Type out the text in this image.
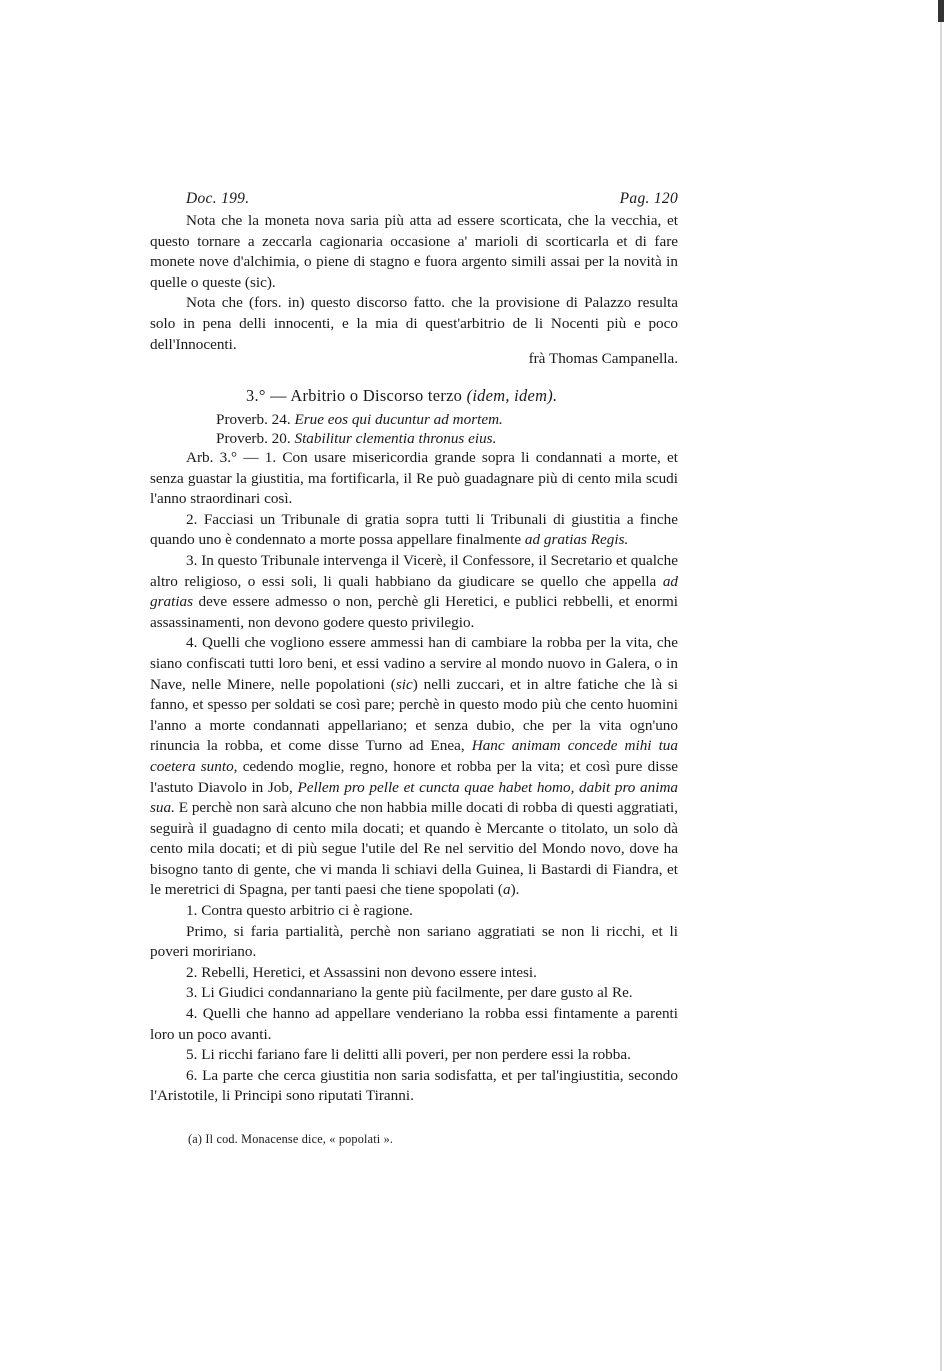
Doc. 199.	Pag. 120

Nota che la moneta nova saria più atta ad essere scorticata, che la vecchia, et questo tornare a zeccarla cagionaria occasione a' marioli di scorticarla et di fare monete nove d'alchimia, o piene di stagno e fuora argento simili assai per la novità in quelle o queste (sic).

Nota che (fors. in) questo discorso fatto. che la provisione di Palazzo resulta solo in pena delli innocenti, e la mia di quest'arbitrio de li Nocenti più e poco dell'Innocenti.

frà Thomas Campanella.
3.° — Arbitrio o Discorso terzo (idem, idem).
Proverb. 24. Erue eos qui ducuntur ad mortem.
Proverb. 20. Stabilitur clementia thronus eius.

Arb. 3.° — 1. Con usare misericordia grande sopra li condannati a morte, et senza guastar la giustitia, ma fortificarla, il Re può guadagnare più di cento mila scudi l'anno straordinari così.

2. Facciasi un Tribunale di gratia sopra tutti li Tribunali di giustitia a finche quando uno è condennato a morte possa appellare finalmente ad gratias Regis.

3. In questo Tribunale intervenga il Vicerè, il Confessore, il Secretario et qualche altro religioso, o essi soli, li quali habbiano da giudicare se quello che appella ad gratias deve essere admesso o non, perchè gli Heretici, e publici rebbelli, et enormi assassinamenti, non devono godere questo privilegio.

4. Quelli che vogliono essere ammessi han di cambiare la robba per la vita, che siano confiscati tutti loro beni, et essi vadino a servire al mondo nuovo in Galera, o in Nave, nelle Minere, nelle popolationi (sic) nelli zuccari, et in altre fatiche che là si fanno, et spesso per soldati se così pare; perchè in questo modo più che cento huomini l'anno a morte condannati appellariano; et senza dubio, che per la vita ogn'uno rinuncia la robba, et come disse Turno ad Enea, Hanc animam concede mihi tua coetera sunto, cedendo moglie, regno, honore et robba per la vita; et così pure disse l'astuto Diavolo in Job, Pellem pro pelle et cuncta quae habet homo, dabit pro anima sua. E perchè non sarà alcuno che non habbia mille docati di robba di questi aggratiati, seguirà il guadagno di cento mila docati; et quando è Mercante o titolato, un solo dà cento mila docati; et di più segue l'utile del Re nel servitio del Mondo novo, dove ha bisogno tanto di gente, che vi manda li schiavi della Guinea, li Bastardi di Fiandra, et le meretrici di Spagna, per tanti paesi che tiene spopolati (a).

1. Contra questo arbitrio ci è ragione.

Primo, si faria partialità, perchè non sariano aggratiati se non li ricchi, et li poveri moririano.

2. Rebelli, Heretici, et Assassini non devono essere intesi.

3. Li Giudici condannariano la gente più facilmente, per dare gusto al Re.

4. Quelli che hanno ad appellare venderiano la robba essi fintamente a parenti loro un poco avanti.

5. Li ricchi fariano fare li delitti alli poveri, per non perdere essi la robba.

6. La parte che cerca giustitia non saria sodisfatta, et per tal'ingiustitia, secondo l'Aristotile, li Principi sono riputati Tiranni.

(a) Il cod. Monacense dice, « popolati ».
